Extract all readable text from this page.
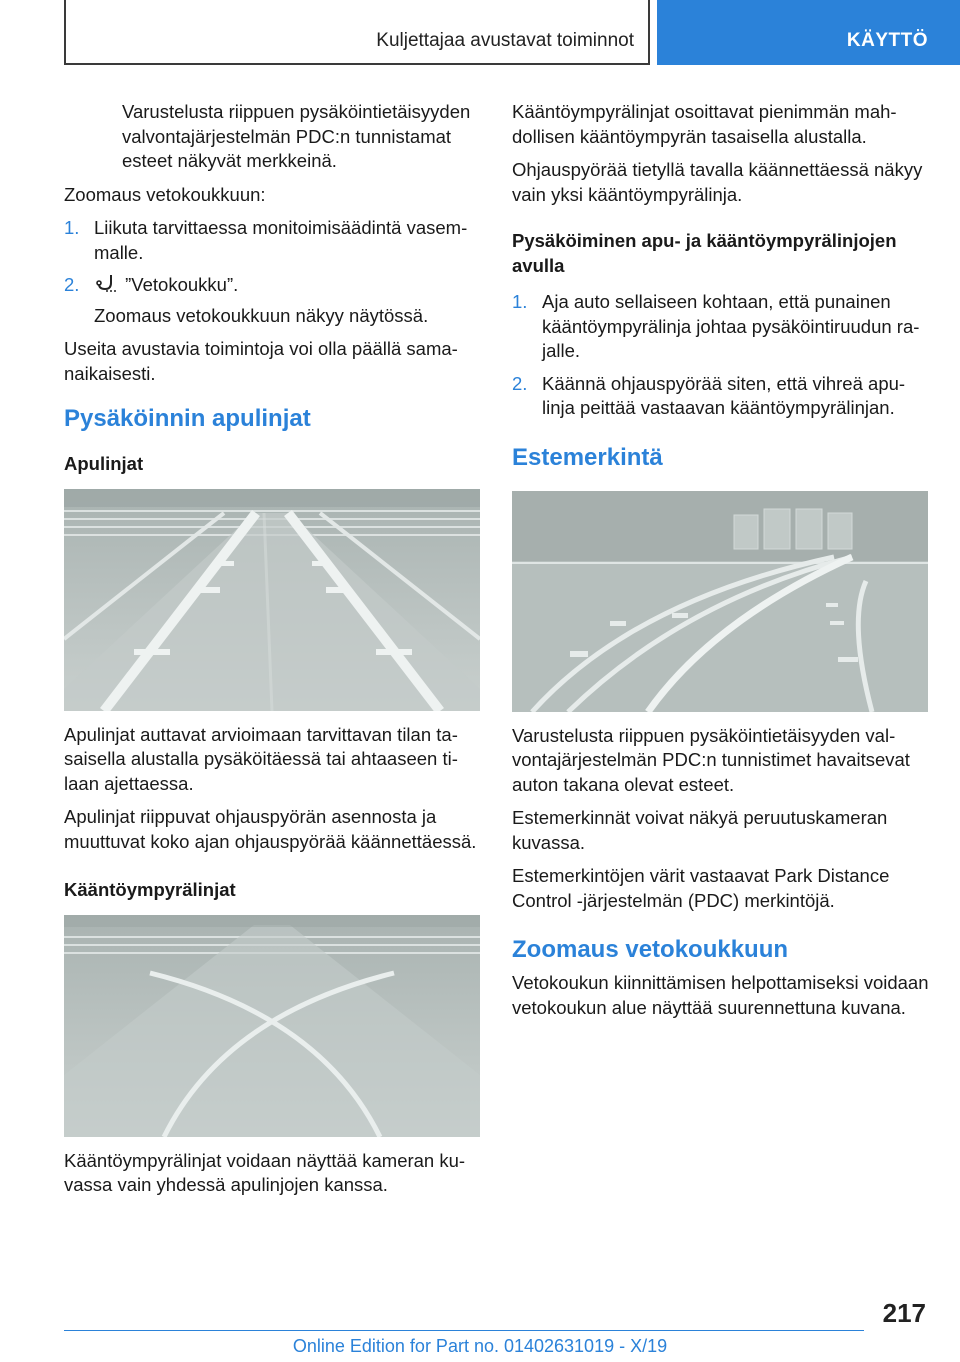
Kuljettajaa avustavat toiminnot	KÄYTTÖ

Varustelusta riippuen pysäköintietäisyyden valvontajärjestelmän PDC:n tunnistamat esteet näkyvät merkkeinä.

Zoomaus vetokoukkuun:

1. Liikuta tarvittaessa monitoimisäädintä vasemmalle.
2. ”Vetokoukku”.

Zoomaus vetokoukkuun näkyy näytössä.

Useita avustavia toimintoja voi olla päällä samanaikaisesti.

Pysäköinnin apulinjat
Apulinjat

Apulinjat auttavat arvioimaan tarvittavan tilan tasaisella alustalla pysäköitäessä tai ahtaaseen tilaan ajettaessa.

Apulinjat riippuvat ohjauspyörän asennosta ja muuttuvat koko ajan ohjauspyörää käännettäessä.

Kääntöympyrälinjat

Kääntöympyrälinjat voidaan näyttää kameran kuvassa vain yhdessä apulinjojen kanssa.

Kääntöympyrälinjat osoittavat pienimmän mahdollisen kääntöympyrän tasaisella alustalla.

Ohjauspyörää tietyllä tavalla käännettäessä näkyy vain yksi kääntöympyrälinja.

Pysäköiminen apu- ja kääntöympyrälinjojen avulla
1. Aja auto sellaiseen kohtaan, että punainen kääntöympyrälinja johtaa pysäköintiruudun rajalle.
2. Käännä ohjauspyörää siten, että vihreä apulinja peittää vastaavan kääntöympyrälinjan.
Estemerkintä

Varustelusta riippuen pysäköintietäisyyden valvontajärjestelmän PDC:n tunnistimet havaitsevat auton takana olevat esteet.

Estemerkinnät voivat näkyä peruutuskameran kuvassa.

Estemerkintöjen värit vastaavat Park Distance Control -järjestelmän (PDC) merkintöjä.

Zoomaus vetokoukkuun

Vetokoukun kiinnittämisen helpottamiseksi voidaan vetokoukun alue näyttää suurennettuna kuvana.

217
Online Edition for Part no. 01402631019 - X/19
